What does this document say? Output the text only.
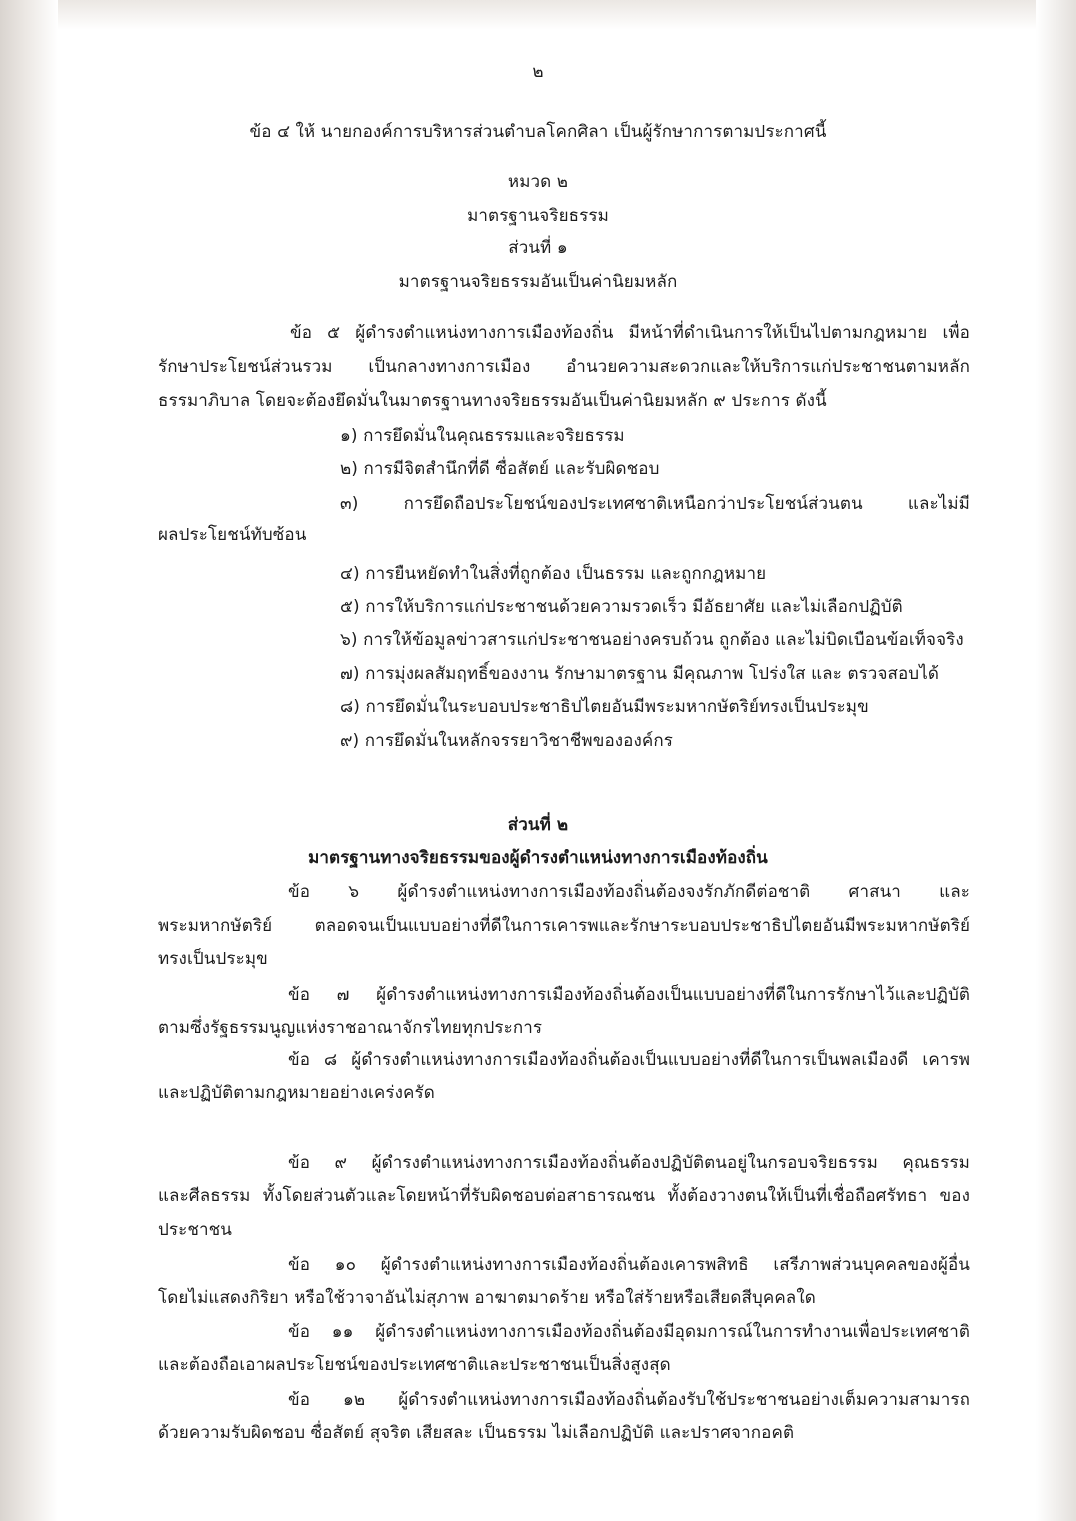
๒
ข้อ ๔ ให้ นายกองค์การบริหารส่วนตำบลโคกศิลา เป็นผู้รักษาการตามประกาศนี้
หมวด ๒
มาตรฐานจริยธรรม
ส่วนที่ ๑
มาตรฐานจริยธรรมอันเป็นค่านิยมหลัก
ข้อ ๕ ผู้ดำรงตำแหน่งทางการเมืองท้องถิ่น มีหน้าที่ดำเนินการให้เป็นไปตามกฎหมาย เพื่อ
รักษาประโยชน์ส่วนรวม เป็นกลางทางการเมือง อำนวยความสะดวกและให้บริการแก่ประชาชนตามหลัก
ธรรมาภิบาล โดยจะต้องยึดมั่นในมาตรฐานทางจริยธรรมอันเป็นค่านิยมหลัก ๙ ประการ ดังนี้
๑) การยึดมั่นในคุณธรรมและจริยธรรม
๒) การมีจิตสำนึกที่ดี ซื่อสัตย์ และรับผิดชอบ
๓) การยึดถือประโยชน์ของประเทศชาติเหนือกว่าประโยชน์ส่วนตน และไม่มี
ผลประโยชน์ทับซ้อน
๔) การยืนหยัดทำในสิ่งที่ถูกต้อง เป็นธรรม และถูกกฎหมาย
๕) การให้บริการแก่ประชาชนด้วยความรวดเร็ว มีอัธยาศัย และไม่เลือกปฏิบัติ
๖) การให้ข้อมูลข่าวสารแก่ประชาชนอย่างครบถ้วน ถูกต้อง และไม่บิดเบือนข้อเท็จจริง
๗) การมุ่งผลสัมฤทธิ์ของงาน รักษามาตรฐาน มีคุณภาพ โปร่งใส และ ตรวจสอบได้
๘) การยึดมั่นในระบอบประชาธิปไตยอันมีพระมหากษัตริย์ทรงเป็นประมุข
๙) การยึดมั่นในหลักจรรยาวิชาชีพขององค์กร
ส่วนที่ ๒
มาตรฐานทางจริยธรรมของผู้ดำรงตำแหน่งทางการเมืองท้องถิ่น
ข้อ ๖ ผู้ดำรงตำแหน่งทางการเมืองท้องถิ่นต้องจงรักภักดีต่อชาติ ศาสนา และ
พระมหากษัตริย์ ตลอดจนเป็นแบบอย่างที่ดีในการเคารพและรักษาระบอบประชาธิปไตยอันมีพระมหากษัตริย์
ทรงเป็นประมุข
ข้อ ๗ ผู้ดำรงตำแหน่งทางการเมืองท้องถิ่นต้องเป็นแบบอย่างที่ดีในการรักษาไว้และปฏิบัติ
ตามซึ่งรัฐธรรมนูญแห่งราชอาณาจักรไทยทุกประการ
ข้อ ๘ ผู้ดำรงตำแหน่งทางการเมืองท้องถิ่นต้องเป็นแบบอย่างที่ดีในการเป็นพลเมืองดี เคารพ
และปฏิบัติตามกฎหมายอย่างเคร่งครัด
ข้อ ๙ ผู้ดำรงตำแหน่งทางการเมืองท้องถิ่นต้องปฏิบัติตนอยู่ในกรอบจริยธรรม คุณธรรม
และศีลธรรม ทั้งโดยส่วนตัวและโดยหน้าที่รับผิดชอบต่อสาธารณชน ทั้งต้องวางตนให้เป็นที่เชื่อถือศรัทธา ของ
ประชาชน
ข้อ ๑๐ ผู้ดำรงตำแหน่งทางการเมืองท้องถิ่นต้องเคารพสิทธิ เสรีภาพส่วนบุคคลของผู้อื่น
โดยไม่แสดงกิริยา หรือใช้วาจาอันไม่สุภาพ อาฆาตมาดร้าย หรือใส่ร้ายหรือเสียดสีบุคคลใด
ข้อ ๑๑ ผู้ดำรงตำแหน่งทางการเมืองท้องถิ่นต้องมีอุดมการณ์ในการทำงานเพื่อประเทศชาติ
และต้องถือเอาผลประโยชน์ของประเทศชาติและประชาชนเป็นสิ่งสูงสุด
ข้อ ๑๒ ผู้ดำรงตำแหน่งทางการเมืองท้องถิ่นต้องรับใช้ประชาชนอย่างเต็มความสามารถ
ด้วยความรับผิดชอบ ซื่อสัตย์ สุจริต เสียสละ เป็นธรรม ไม่เลือกปฏิบัติ และปราศจากอคติ
